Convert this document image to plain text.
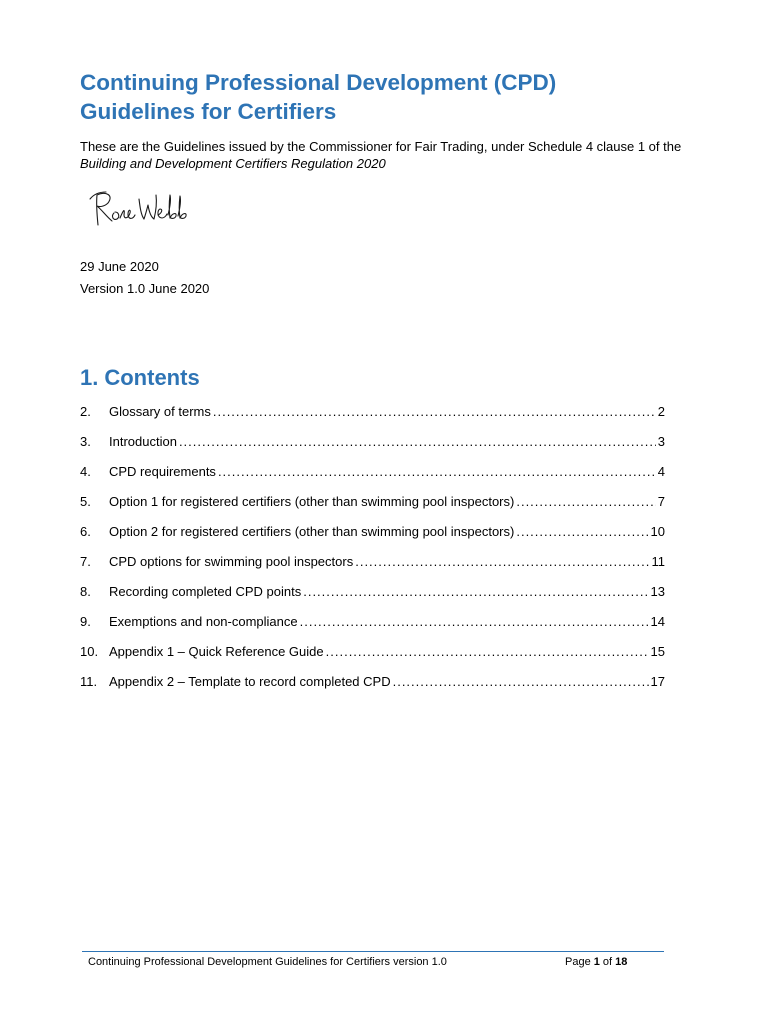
Continuing Professional Development (CPD)
Guidelines for Certifiers
These are the Guidelines issued by the Commissioner for Fair Trading, under Schedule 4 clause 1 of the Building and Development Certifiers Regulation 2020
29 June 2020
Version 1.0 June 2020
1. Contents
2.	Glossary of terms .....	2
3.	Introduction .....	3
4.	CPD requirements .....	4
5.	Option 1 for registered certifiers (other than swimming pool inspectors) .....	7
6.	Option 2 for registered certifiers (other than swimming pool inspectors) .....	10
7.	CPD options for swimming pool inspectors .....	11
8.	Recording completed CPD points .....	13
9.	Exemptions and non-compliance .....	14
10. Appendix 1 – Quick Reference Guide .....	15
11. Appendix 2 – Template to record completed CPD .....	17
Continuing Professional Development Guidelines for Certifiers version 1.0	Page 1 of 18
